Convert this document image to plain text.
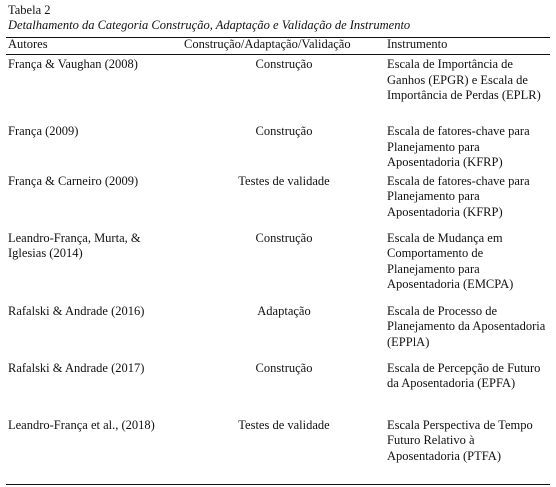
Tabela 2
Detalhamento da Categoria Construção, Adaptação e Validação de Instrumento
Autores	Construção/Adaptação/Validação	Instrumento
França & Vaughan (2008)	Construção	Escala de Importância de Ganhos (EPGR) e Escala de Importância de Perdas (EPLR)
França (2009)	Construção	Escala de fatores-chave para Planejamento para Aposentadoria (KFRP)
França & Carneiro (2009)	Testes de validade	Escala de fatores-chave para Planejamento para Aposentadoria (KFRP)
Leandro-França, Murta, & Iglesias (2014)	Construção	Escala de Mudança em Comportamento de Planejamento para Aposentadoria (EMCPA)
Rafalski & Andrade (2016)	Adaptação	Escala de Processo de Planejamento da Aposentadoria (EPPlA)
Rafalski & Andrade (2017)	Construção	Escala de Percepção de Futuro da Aposentadoria (EPFA)
Leandro-França et al., (2018)	Testes de validade	Escala Perspectiva de Tempo Futuro Relativo à Aposentadoria (PTFA)
